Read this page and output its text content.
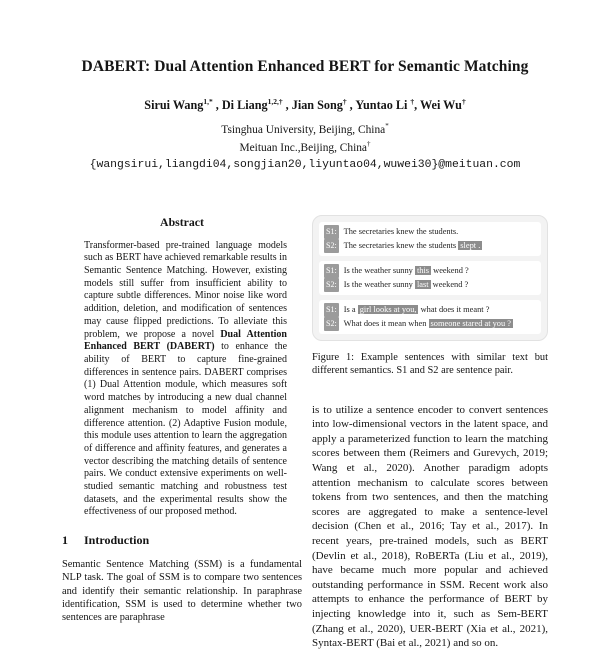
DABERT: Dual Attention Enhanced BERT for Semantic Matching
Sirui Wang$^{1,*}$ , Di Liang$^{1,2,\dagger}$ , Jian Song† , Yuntao Li †, Wei Wu†
Tsinghua University, Beijing, China*
Meituan Inc.,Beijing, China†
{wangsirui,liangdi04,songjian20,liyuntao04,wuwei30}@meituan.com
Abstract

Transformer-based pre-trained language models such as BERT have achieved remarkable results in Semantic Sentence Matching. However, existing models still suffer from insufficient ability to capture subtle differences. Minor noise like word addition, deletion, and modification of sentences may cause flipped predictions. To alleviate this problem, we propose a novel Dual Attention Enhanced BERT (DABERT) to enhance the ability of BERT to capture fine-grained differences in sentence pairs. DABERT comprises (1) Dual Attention module, which measures soft word matches by introducing a new dual channel alignment mechanism to model affinity and difference attention. (2) Adaptive Fusion module, this module uses attention to learn the aggregation of difference and affinity features, and generates a vector describing the matching details of sentence pairs. We conduct extensive experiments on well-studied semantic matching and robustness test datasets, and the experimental results show the effectiveness of our proposed method.

1 Introduction

Semantic Sentence Matching (SSM) is a fundamental NLP task. The goal of SSM is to compare two sentences and identify their semantic relationship. In paraphrase identification, SSM is used to determine whether two sentences are paraphrase

S1: The secretaries knew the students.
S2: The secretaries knew the students slept .
S1: Is the weather sunny this weekend ?
S2: Is the weather sunny last weekend ?
S1: Is a girl looks at you, what does it meant ?
S2: What does it mean when someone stared at you ?
Figure 1: Example sentences with similar text but different semantics. S1 and S2 are sentence pair.

is to utilize a sentence encoder to convert sentences into low-dimensional vectors in the latent space, and apply a parameterized function to learn the matching scores between them (Reimers and Gurevych, 2019; Wang et al., 2020). Another paradigm adopts attention mechanism to calculate scores between tokens from two sentences, and then the matching scores are aggregated to make a sentence-level decision (Chen et al., 2016; Tay et al., 2017). In recent years, pre-trained models, such as BERT (Devlin et al., 2018), RoBERTa (Liu et al., 2019), have became much more popular and achieved outstanding performance in SSM. Recent work also attempts to enhance the performance of BERT by injecting knowledge into it, such as Sem-BERT (Zhang et al., 2020), UER-BERT (Xia et al., 2021), Syntax-BERT (Bai et al., 2021) and so on.
